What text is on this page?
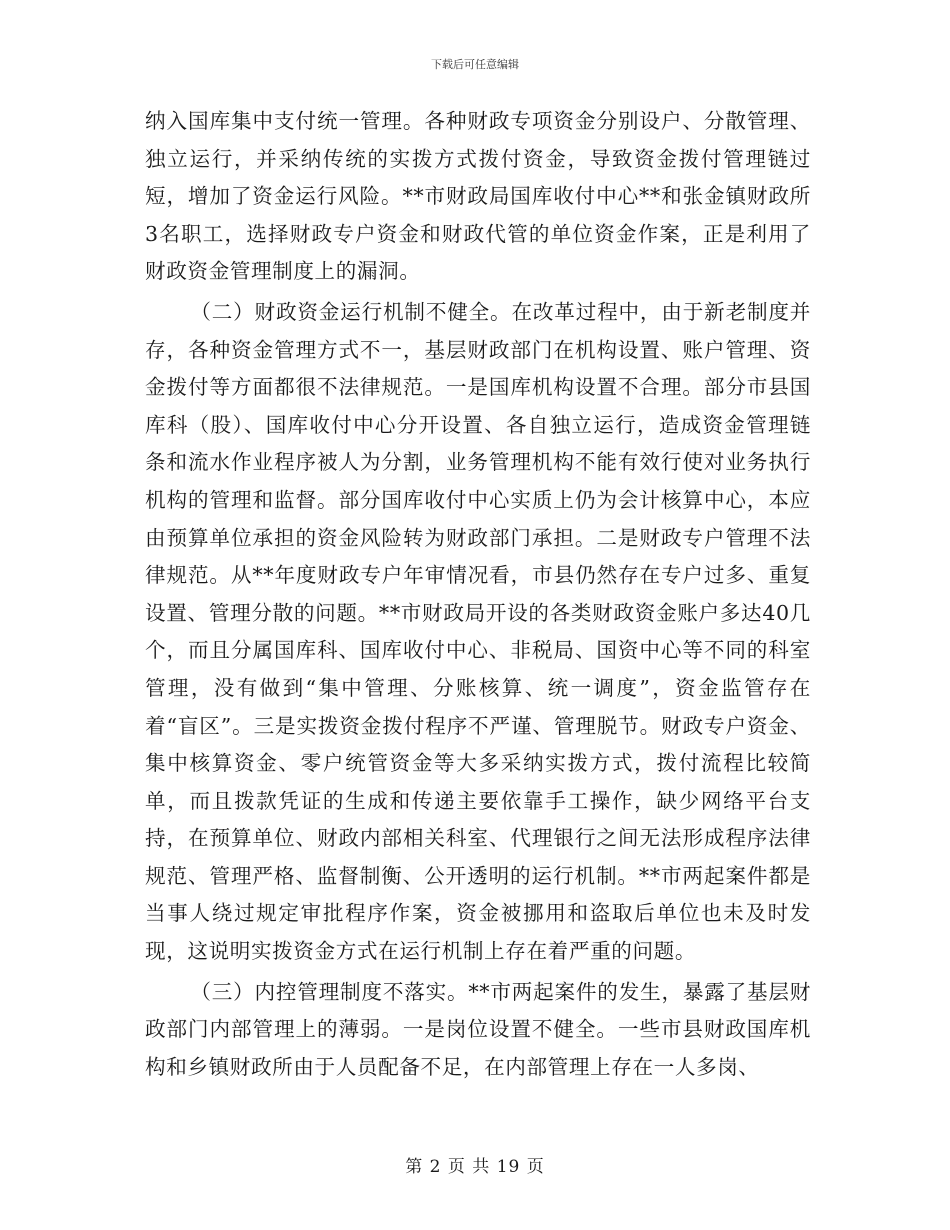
下载后可任意编辑

纳入国库集中支付统一管理。各种财政专项资金分别设户、分散管理、独立运行，并采纳传统的实拨方式拨付资金，导致资金拨付管理链过短，增加了资金运行风险。**市财政局国库收付中心**和张金镇财政所3名职工，选择财政专户资金和财政代管的单位资金作案，正是利用了财政资金管理制度上的漏洞。

（二）财政资金运行机制不健全。在改革过程中，由于新老制度并存，各种资金管理方式不一，基层财政部门在机构设置、账户管理、资金拨付等方面都很不法律规范。一是国库机构设置不合理。部分市县国库科（股）、国库收付中心分开设置、各自独立运行，造成资金管理链条和流水作业程序被人为分割，业务管理机构不能有效行使对业务执行机构的管理和监督。部分国库收付中心实质上仍为会计核算中心，本应由预算单位承担的资金风险转为财政部门承担。二是财政专户管理不法律规范。从**年度财政专户年审情况看，市县仍然存在专户过多、重复设置、管理分散的问题。**市财政局开设的各类财政资金账户多达40几个，而且分属国库科、国库收付中心、非税局、国资中心等不同的科室管理，没有做到“集中管理、分账核算、统一调度”，资金监管存在着“盲区”。三是实拨资金拨付程序不严谨、管理脱节。财政专户资金、集中核算资金、零户统管资金等大多采纳实拨方式，拨付流程比较简单，而且拨款凭证的生成和传递主要依靠手工操作，缺少网络平台支持，在预算单位、财政内部相关科室、代理银行之间无法形成程序法律规范、管理严格、监督制衡、公开透明的运行机制。**市两起案件都是当事人绕过规定审批程序作案，资金被挪用和盗取后单位也未及时发现，这说明实拨资金方式在运行机制上存在着严重的问题。

（三）内控管理制度不落实。**市两起案件的发生，暴露了基层财政部门内部管理上的薄弱。一是岗位设置不健全。一些市县财政国库机构和乡镇财政所由于人员配备不足，在内部管理上存在一人多岗、

第 2 页 共 19 页
